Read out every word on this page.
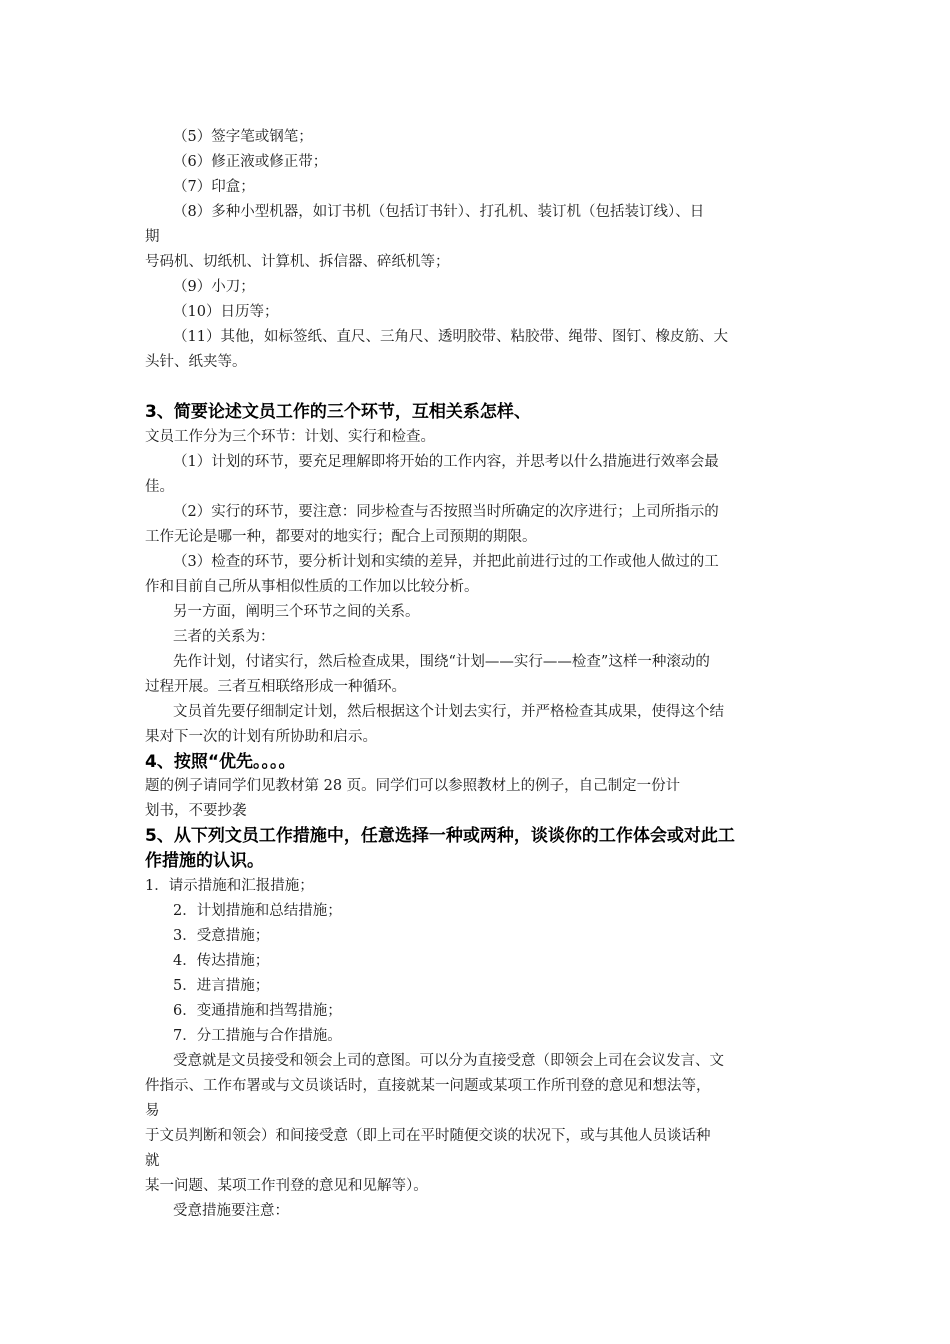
（5）签字笔或钢笔；
（6）修正液或修正带；
（7）印盒；
（8）多种小型机器，如订书机（包括订书针）、打孔机、装订机（包括装订线）、日
期
号码机、切纸机、计算机、拆信器、碎纸机等；
（9）小刀；
（10）日历等；
（11）其他，如标签纸、直尺、三角尺、透明胶带、粘胶带、绳带、图钉、橡皮筋、大
头针、纸夹等。
3、简要论述文员工作的三个环节，互相关系怎样、
文员工作分为三个环节：计划、实行和检查。
（1）计划的环节，要充足理解即将开始的工作内容，并思考以什么措施进行效率会最
佳。
（2）实行的环节，要注意：同步检查与否按照当时所确定的次序进行；上司所指示的
工作无论是哪一种，都要对的地实行；配合上司预期的期限。
（3）检查的环节，要分析计划和实绩的差异，并把此前进行过的工作或他人做过的工
作和目前自己所从事相似性质的工作加以比较分析。
另一方面，阐明三个环节之间的关系。
三者的关系为：
先作计划，付诸实行，然后检查成果，围绕“计划——实行——检查”这样一种滚动的
过程开展。三者互相联络形成一种循环。
文员首先要仔细制定计划，然后根据这个计划去实行，并严格检查其成果，使得这个结
果对下一次的计划有所协助和启示。
4、按照“优先。。。。
题的例子请同学们见教材第 28 页。同学们可以参照教材上的例子，自己制定一份计
划书，不要抄袭
5、从下列文员工作措施中，任意选择一种或两种，谈谈你的工作体会或对此工
作措施的认识。
1．请示措施和汇报措施；
2．计划措施和总结措施；
3．受意措施；
4．传达措施；
5．进言措施；
6．变通措施和挡驾措施；
7．分工措施与合作措施。
受意就是文员接受和领会上司的意图。可以分为直接受意（即领会上司在会议发言、文
件指示、工作布署或与文员谈话时，直接就某一问题或某项工作所刊登的意见和想法等，
易
于文员判断和领会）和间接受意（即上司在平时随便交谈的状况下，或与其他人员谈话种
就
某一问题、某项工作刊登的意见和见解等）。
受意措施要注意：
